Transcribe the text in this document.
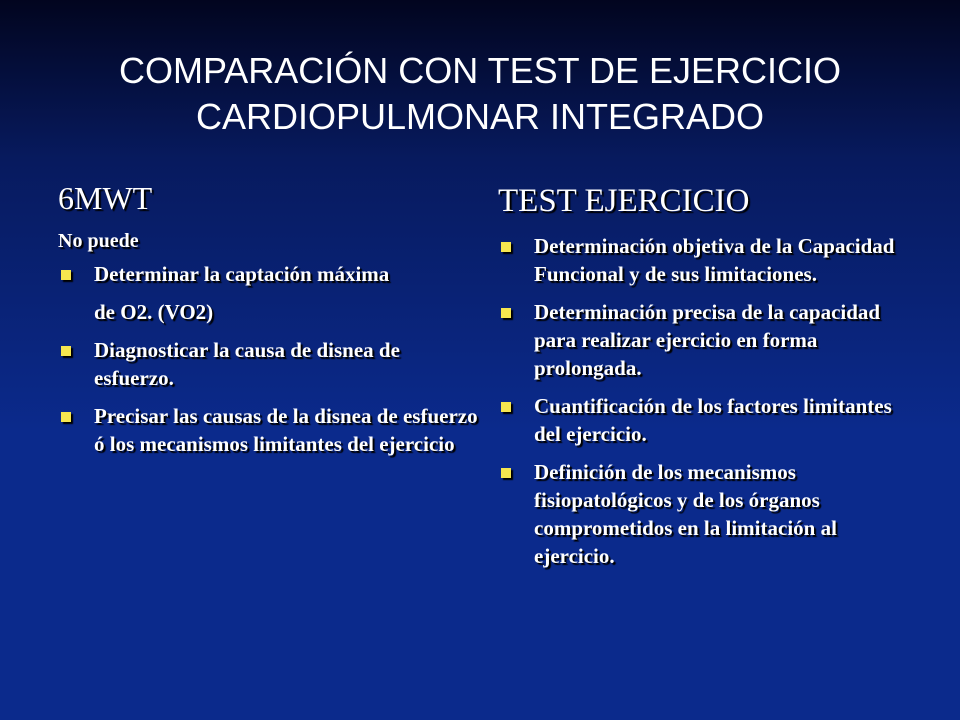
COMPARACIÓN CON TEST DE EJERCICIO
CARDIOPULMONAR INTEGRADO
6MWT
No puede
Determinar la captación máxima
de O2. (VO2)
Diagnosticar la causa de disnea de esfuerzo.
Precisar las causas de la disnea de esfuerzo ó los mecanismos limitantes del ejercicio
TEST EJERCICIO
Determinación objetiva de la Capacidad Funcional y de sus limitaciones.
Determinación precisa de la capacidad para realizar ejercicio en forma prolongada.
Cuantificación de los factores limitantes del ejercicio.
Definición de los mecanismos fisiopatológicos y de los órganos comprometidos en la limitación al ejercicio.
